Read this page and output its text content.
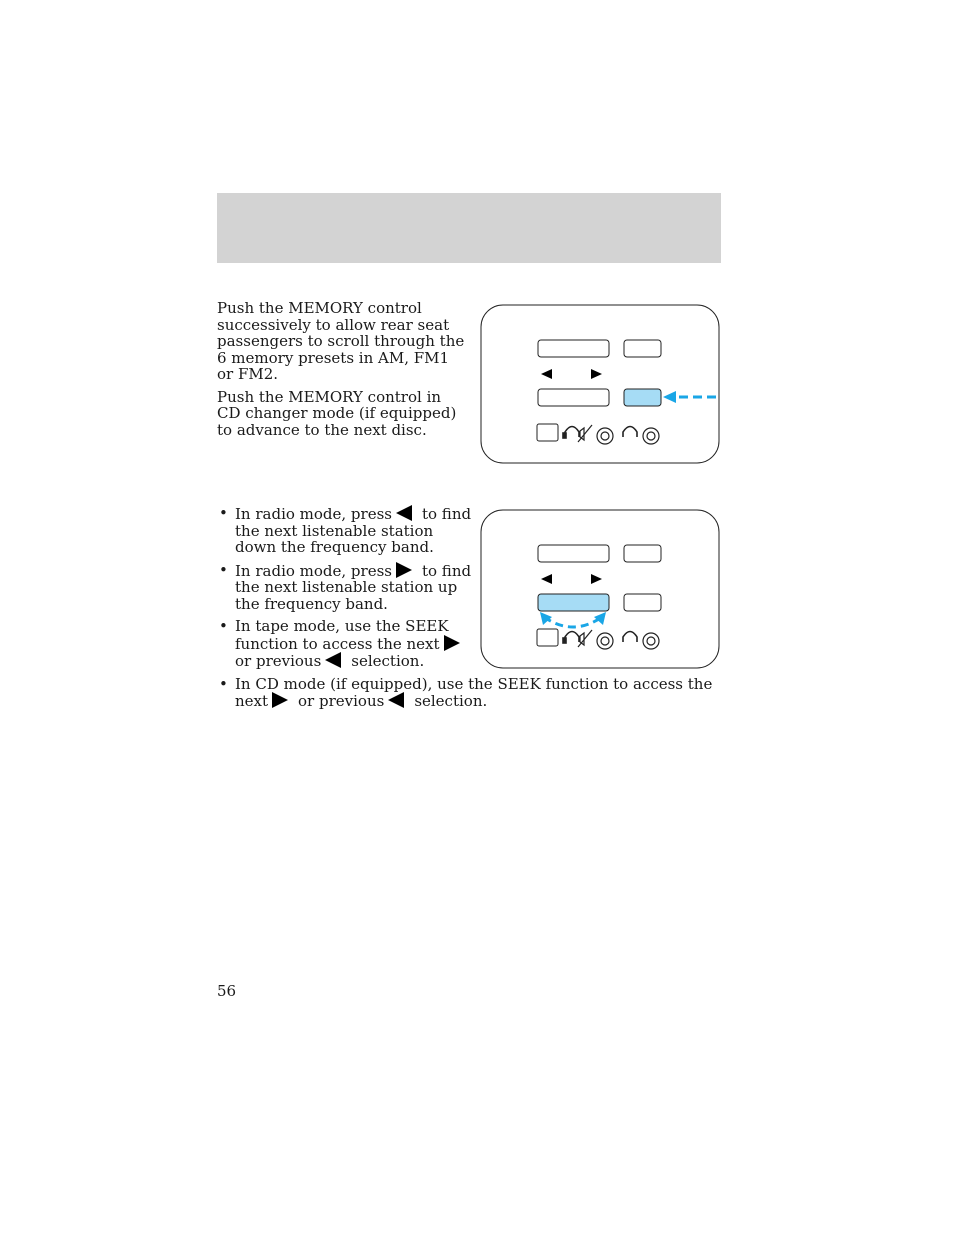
Push the MEMORY control successively to allow rear seat passengers to scroll through the 6 memory presets in AM, FM1 or FM2.

Push the MEMORY control in CD changer mode (if equipped) to advance to the next disc.

• In radio mode, press to find the next listenable station down the frequency band.
• In radio mode, press to find the next listenable station up the frequency band.
• In tape mode, use the SEEK function to access the nextor previous selection.
• In CD mode (if equipped), use the SEEK function to access the next or previous selection.
56
